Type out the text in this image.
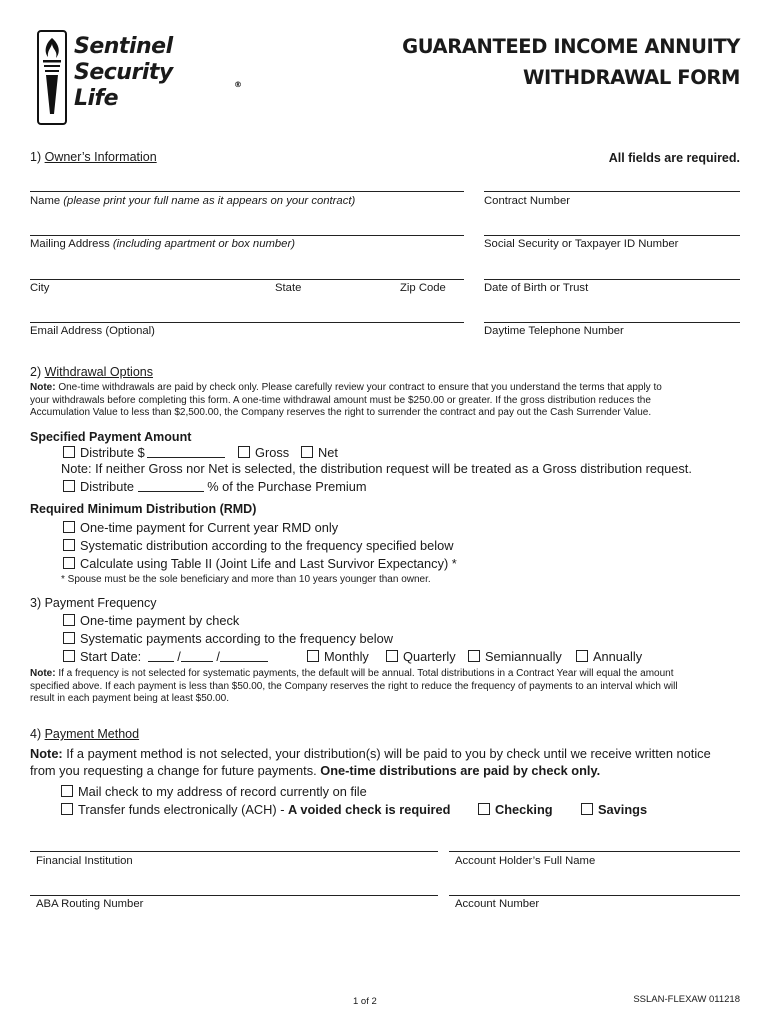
Sentinel
Security
Life
®
GUARANTEED INCOME ANNUITY
WITHDRAWAL FORM
1) Owner’s Information	All fields are required.
Name (please print your full name as it appears on your contract)	Contract Number
Mailing Address (including apartment or box number)	Social Security or Taxpayer ID Number
City	State	Zip Code	Date of Birth or Trust
Email Address (Optional)	Daytime Telephone Number
2) Withdrawal Options
Note: One-time withdrawals are paid by check only. Please carefully review your contract to ensure that you understand the terms that apply to
your withdrawals before completing this form. A one-time withdrawal amount must be $250.00 or greater. If the gross distribution reduces the
Accumulation Value to less than $2,500.00, the Company reserves the right to surrender the contract and pay out the Cash Surrender Value.
Specified Payment Amount
Distribute $	Gross	Net
Note: If neither Gross nor Net is selected, the distribution request will be treated as a Gross distribution request.
Distribute	% of the Purchase Premium
Required Minimum Distribution (RMD)
One-time payment for Current year RMD only
Systematic distribution according to the frequency specified below
Calculate using Table II (Joint Life and Last Survivor Expectancy) *
* Spouse must be the sole beneficiary and more than 10 years younger than owner.
3) Payment Frequency
One-time payment by check
Systematic payments according to the frequency below
Start Date:	/	/	Monthly	Quarterly	Semiannually	Annually
Note: If a frequency is not selected for systematic payments, the default will be annual. Total distributions in a Contract Year will equal the amount
specified above. If each payment is less than $50.00, the Company reserves the right to reduce the frequency of payments to an interval which will
result in each payment being at least $50.00.
4) Payment Method
Note: If a payment method is not selected, your distribution(s) will be paid to you by check until we receive written notice
from you requesting a change for future payments. One-time distributions are paid by check only.
Mail check to my address of record currently on file
Transfer funds electronically (ACH) - A voided check is required	Checking	Savings
Financial Institution	Account Holder’s Full Name
ABA Routing Number	Account Number
1 of 2	SSLAN-FLEXAW 011218
